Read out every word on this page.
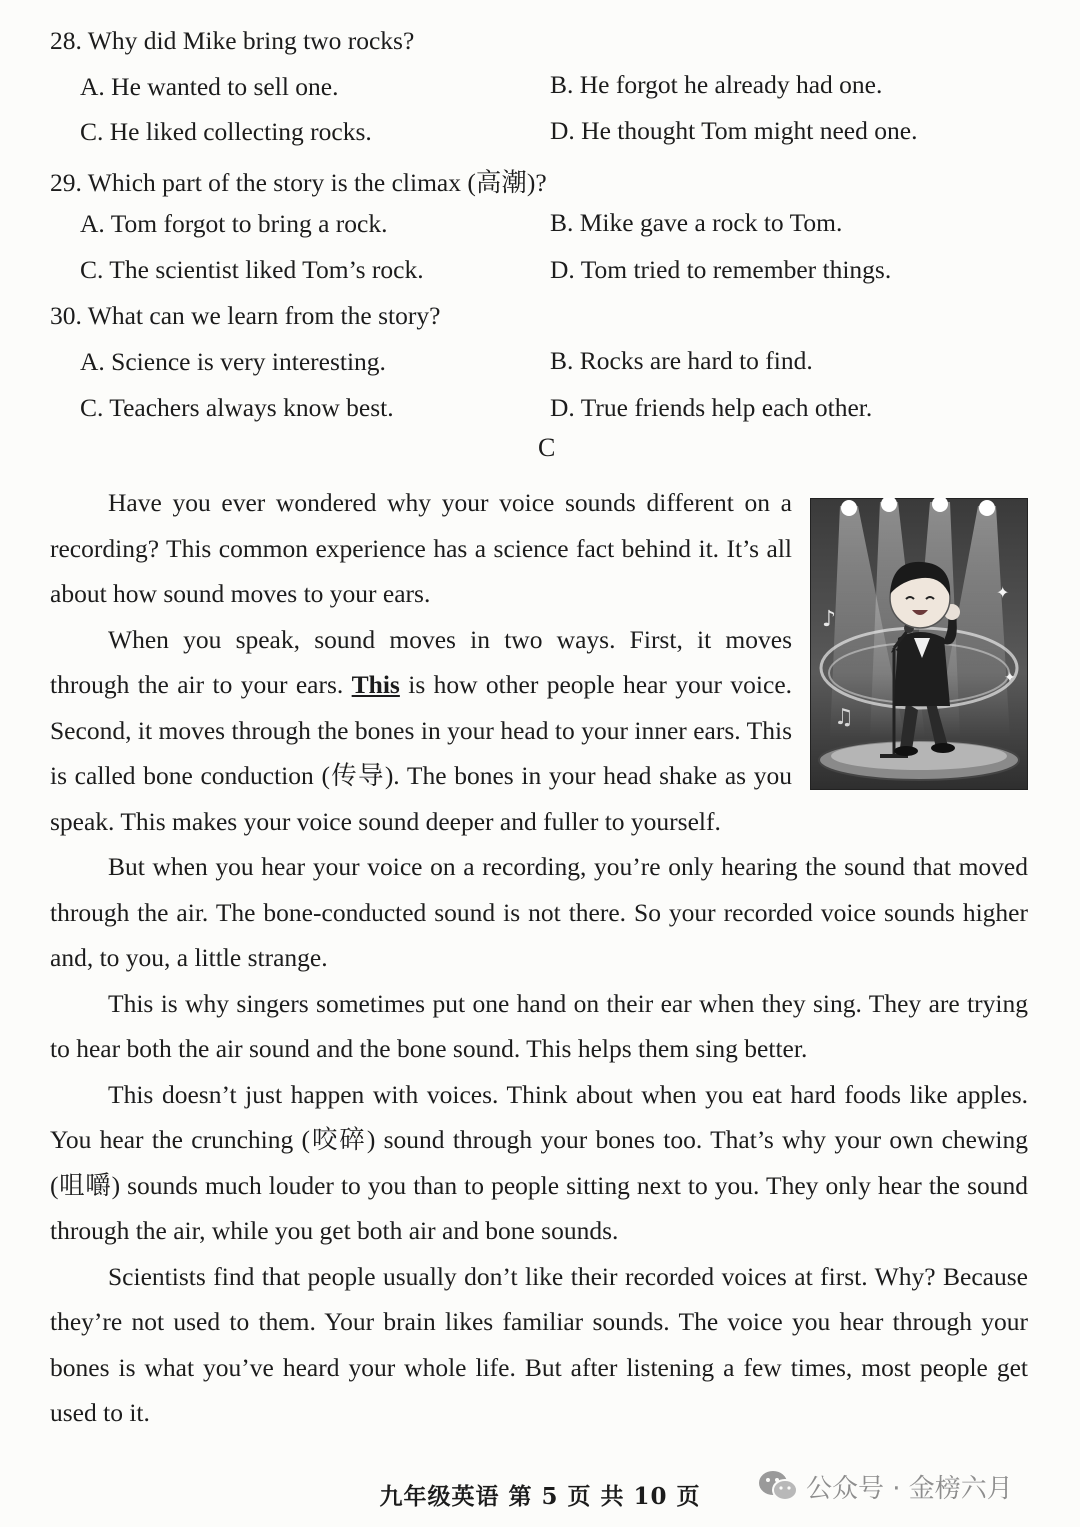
28. Why did Mike bring two rocks?
A. He wanted to sell one.	B. He forgot he already had one.
C. He liked collecting rocks.	D. He thought Tom might need one.
29. Which part of the story is the climax (高潮)?
A. Tom forgot to bring a rock.	B. Mike gave a rock to Tom.
C. The scientist liked Tom’s rock.	D. Tom tried to remember things.
30. What can we learn from the story?
A. Science is very interesting.	B. Rocks are hard to find.
C. Teachers always know best.	D. True friends help each other.
C
♪
♫
✦
✦

Have you ever wondered why your voice sounds different on a recording? This common experience has a science fact behind it. It’s all about how sound moves to your ears.

When you speak, sound moves in two ways. First, it moves through the air to your ears. This is how other people hear your voice. Second, it moves through the bones in your head to your inner ears. This is called bone conduction (传导). The bones in your head shake as you speak. This makes your voice sound deeper and fuller to yourself.

But when you hear your voice on a recording, you’re only hearing the sound that moved through the air. The bone-conducted sound is not there. So your recorded voice sounds higher and, to you, a little strange.

This is why singers sometimes put one hand on their ear when they sing. They are trying to hear both the air sound and the bone sound. This helps them sing better.

This doesn’t just happen with voices. Think about when you eat hard foods like apples. You hear the crunching (咬碎) sound through your bones too. That’s why your own chewing (咀嚼) sounds much louder to you than to people sitting next to you. They only hear the sound through the air, while you get both air and bone sounds.

Scientists find that people usually don’t like their recorded voices at first. Why? Because they’re not used to them. Your brain likes familiar sounds. The voice you hear through your bones is what you’ve heard your whole life. But after listening a few times, most people get used to it.

九年级英语 第 5 页 共 10 页	公众号 · 金榜六月
